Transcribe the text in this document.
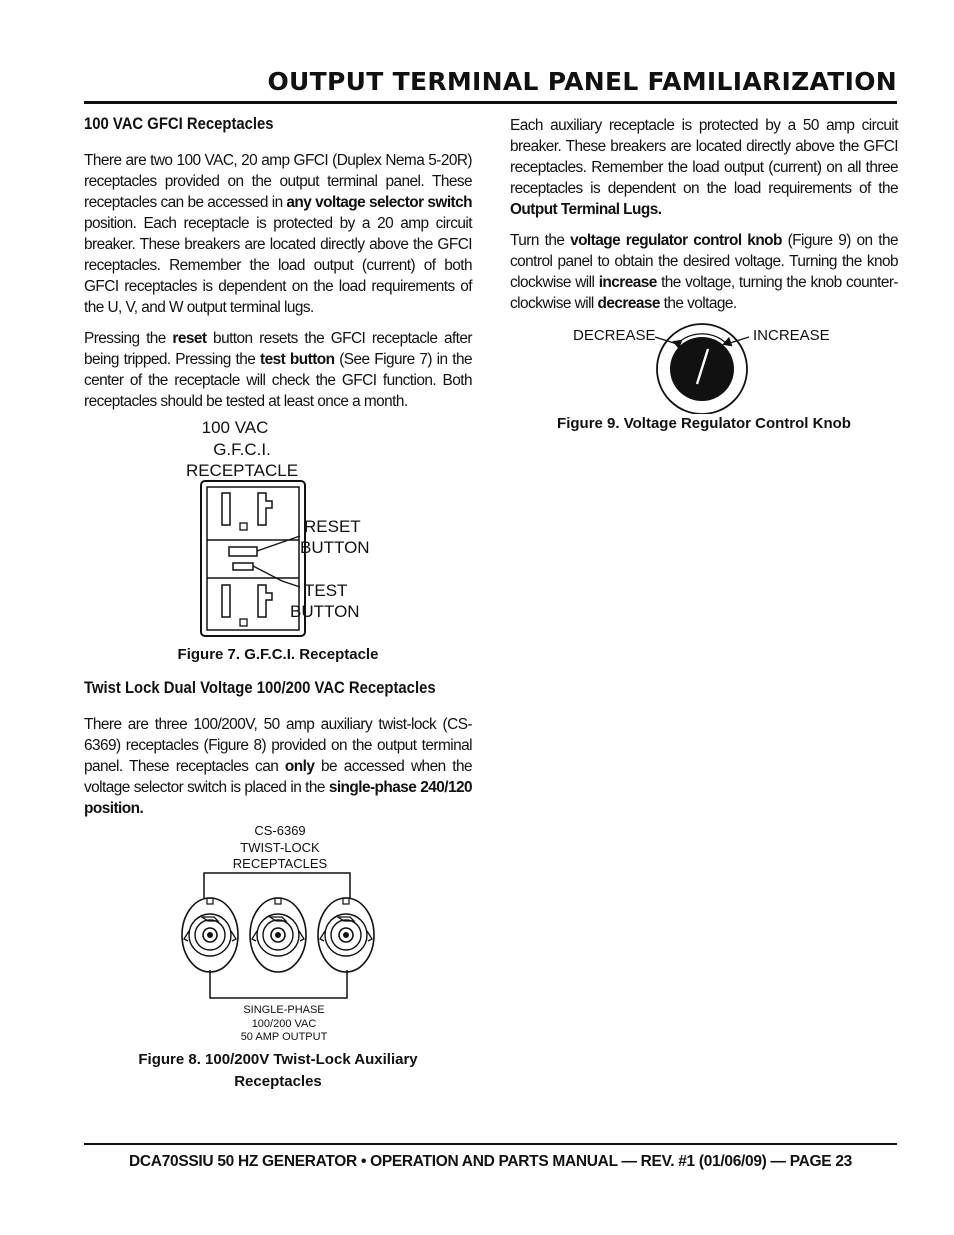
OUTPUT TERMINAL PANEL FAMILIARIZATION
100 VAC GFCI Receptacles

There are two 100 VAC, 20 amp GFCI (Duplex Nema 5-20R) receptacles provided on the output terminal panel. These receptacles can be accessed in any voltage selector switch position. Each receptacle is protected by a 20 amp circuit breaker. These breakers are located directly above the GFCI receptacles. Remember the load output (current) of both GFCI receptacles is dependent on the load requirements of the U, V, and W output terminal lugs.

Pressing the reset button resets the GFCI receptacle after being tripped. Pressing the test button (See Figure 7) in the center of the receptacle will check the GFCI function. Both receptacles should be tested at least once a month.

100 VAC
G.F.C.I.
RECEPTACLE
RESET
BUTTON
TEST
BUTTON
Figure 7. G.F.C.I. Receptacle
Twist Lock Dual Voltage 100/200 VAC Receptacles

There are three 100/200V, 50 amp auxiliary twist-lock (CS-6369) receptacles (Figure 8) provided on the output terminal panel. These receptacles can only be accessed when the voltage selector switch is placed in the single-phase 240/120 position.

CS-6369
TWIST-LOCK
RECEPTACLES
SINGLE-PHASE
100/200 VAC
50 AMP OUTPUT
Figure 8. 100/200V Twist-Lock Auxiliary
Receptacles

Each auxiliary receptacle is protected by a 50 amp circuit breaker. These breakers are located directly above the GFCI receptacles. Remember the load output (current) on all three receptacles is dependent on the load requirements of the Output Terminal Lugs.

Turn the voltage regulator control knob (Figure 9) on the control panel to obtain the desired voltage. Turning the knob clockwise will increase the voltage, turning the knob counter-clockwise will decrease the voltage.

DECREASE	INCREASE
Figure 9. Voltage Regulator Control Knob
DCA70SSIU 50 HZ GENERATOR • OPERATION AND PARTS MANUAL — REV. #1 (01/06/09) — PAGE 23
